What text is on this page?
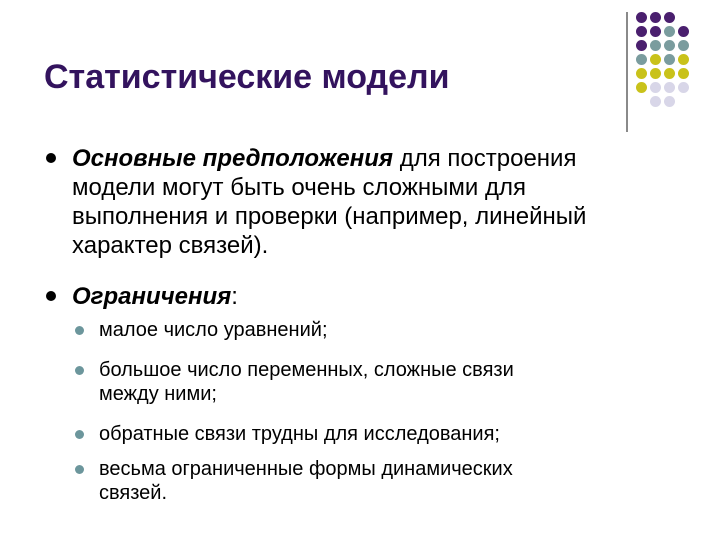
Статистические модели
Основные предположения для построения
модели могут быть очень сложными для
выполнения и проверки (например, линейный
характер связей).
Ограничения:
малое число уравнений;
большое число переменных, сложные связи
между ними;
обратные связи трудны для исследования;
весьма ограниченные формы динамических
связей.
